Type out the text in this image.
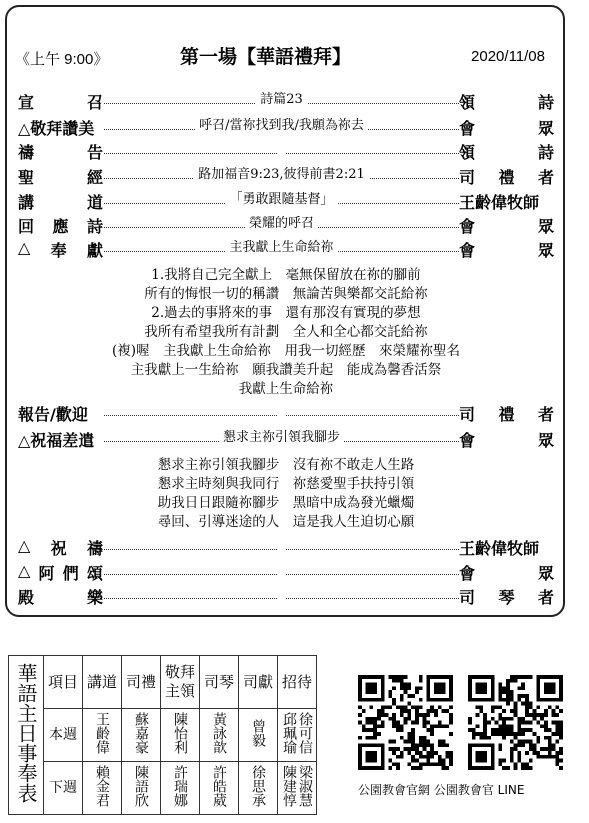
《上午 9:00》	第一場【華語禮拜】	2020/11/08
宣	召	詩篇23	領	詩
△敬拜讚美	呼召/當祢找到我/我願為祢去	會	眾
禱	告	領	詩
聖	經	路加福音9:23,彼得前書2:21	司 禮 者
講	道	「勇敢跟隨基督」	王齡偉牧師
回 應 詩	榮耀的呼召	會	眾
△ 奉 獻	主我獻上生命給祢	會	眾
1.我將自己完全獻上　毫無保留放在祢的腳前
所有的悔恨一切的稱讚　無論苦與樂都交託給祢
2.過去的事將來的事　還有那沒有實現的夢想
我所有希望我所有計劃　全人和全心都交託給祢
(複)喔　主我獻上生命給祢　用我一切經歷　來榮耀祢聖名
主我獻上一生給祢　願我讚美升起　能成為馨香活祭
我獻上生命給祢
報告/歡迎	司 禮 者
△祝福差遣	懇求主祢引領我腳步	會	眾
懇求主祢引領我腳步　沒有祢不敢走人生路
懇求主時刻與我同行　祢慈愛聖手扶持引領
助我日日跟隨祢腳步　黑暗中成為發光蠟燭
尋回、引導迷途的人　這是我人生迫切心願
△ 祝 禱	王齡偉牧師
△ 阿 們 頌	會	眾
殿	樂	司 琴 者
華語主日事奉表	項目	講道	司禮	敬拜主領	司琴	司獻	招待
	本週	王齡偉	蘇嘉豪	陳怡利	黃詠歆	曾毅	邱珮瑜徐可信
	下週	賴金君	陳語欣	許瑞娜	許皓葳	徐思承	陳建惇梁淑慧	公園教會官網 公園教會官 LINE
